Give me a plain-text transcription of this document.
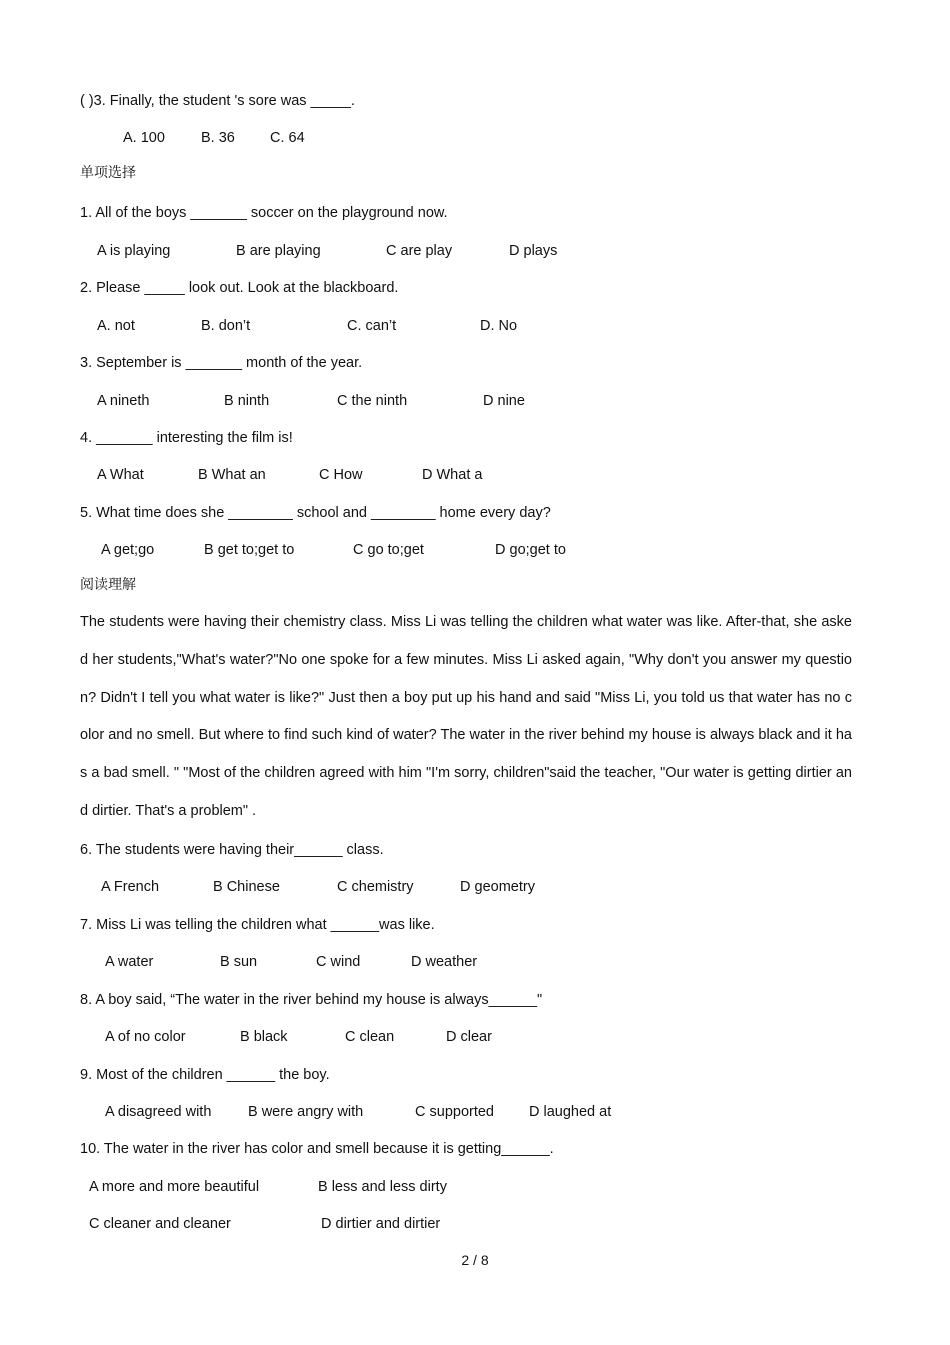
( )3. Finally, the student 's sore was _____.
A. 100 B. 36 C. 64
单项选择
1. All of the boys _______ soccer on the playground now.
A is playing	B are playing	C are play	D plays
2. Please _____ look out. Look at the blackboard.
A. not	B. don’t	C. can’t	D. No
3. September is _______ month of the year.
A nineth	B ninth	C the ninth	D nine
4. _______ interesting the film is!
A What	B What an	C How	D What a
5. What time does she ________ school and ________ home every day?
A get;go	B get to;get to	C go to;get	D go;get to
阅读理解
The students were having their chemistry class. Miss Li was telling the children what water was like. After-that, she asked her students,"What's water?"No one spoke for a few minutes. Miss Li asked again, "Why don't you answer my question? Didn't I tell you what water is like?" Just then a boy put up his hand and said "Miss Li, you told us that water has no color and no smell. But where to find such kind of water? The water in the river behind my house is always black and it has a bad smell. " "Most of the children agreed with him "I'm sorry, children"said the teacher, "Our water is getting dirtier and dirtier. That's a problem" .
6. The students were having their______ class.
A French	B Chinese	C chemistry	D geometry
7. Miss Li was telling the children what ______was like.
A water	B sun	C wind	D weather
8. A boy said, “The water in the river behind my house is always______"
A of no color	B black	C clean	D clear
9. Most of the children ______ the boy.
A disagreed with	B were angry with	C supported D laughed at
10. The water in the river has color and smell because it is getting______.
A more and more beautiful	B less and less dirty
C cleaner and cleaner	D dirtier and dirtier
2 / 8
